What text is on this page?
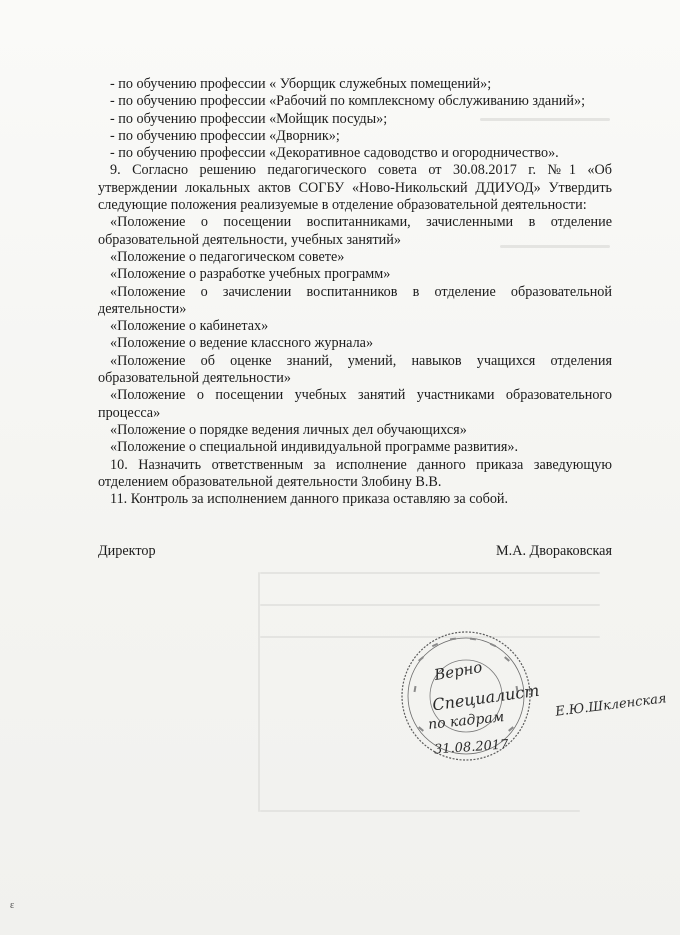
- по обучению профессии « Уборщик служебных помещений»;

- по обучению профессии «Рабочий по комплексному обслуживанию зданий»;

- по обучению профессии «Мойщик посуды»;

- по обучению профессии «Дворник»;

- по обучению профессии «Декоративное садоводство и огородничество».

9. Согласно решению педагогического совета от 30.08.2017 г. №1 «Об утверждении локальных актов СОГБУ «Ново-Никольский ДДИУОД» Утвердить следующие положения реализуемые в отделение образовательной деятельности:

«Положение о посещении воспитанниками, зачисленными в отделение образовательной деятельности, учебных занятий»

«Положение о педагогическом совете»

«Положение о разработке учебных программ»

«Положение о зачислении воспитанников в отделение образовательной деятельности»

«Положение о кабинетах»

«Положение о ведение классного журнала»

«Положение об оценке знаний, умений, навыков учащихся отделения образовательной деятельности»

«Положение о посещении учебных занятий участниками образовательного процесса»

«Положение о порядке ведения личных дел обучающихся»

«Положение о специальной индивидуальной программе развития».

10. Назначить ответственным за исполнение данного приказа заведующую отделением образовательной деятельности Злобину В.В.

11. Контроль за исполнением данного приказа оставляю за собой.

Директор	М.А. Двораковская
Верно
Специалист
по кадрам
31.08.2017
Е.Ю.Шкленская
ɛ
